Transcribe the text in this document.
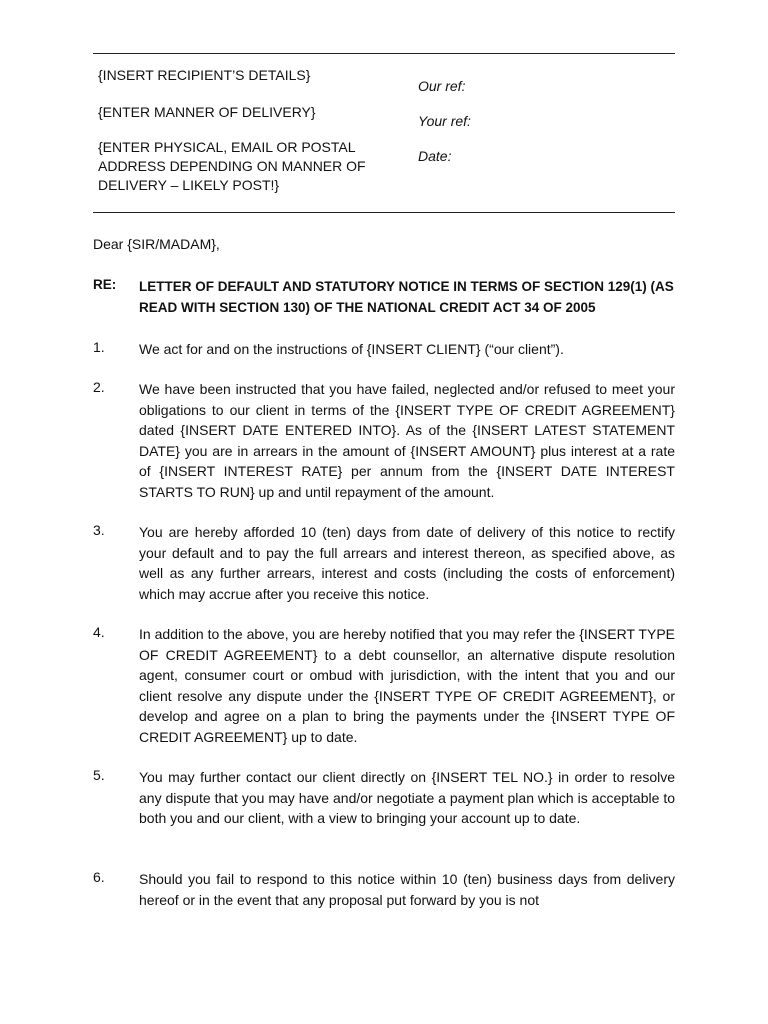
{INSERT RECIPIENT’S DETAILS}

{ENTER MANNER OF DELIVERY}

{ENTER PHYSICAL, EMAIL OR POSTAL ADDRESS DEPENDING ON MANNER OF DELIVERY – LIKELY POST!}

Our ref:
Your ref:
Date:
Dear {SIR/MADAM},
RE: LETTER OF DEFAULT AND STATUTORY NOTICE IN TERMS OF SECTION 129(1) (AS READ WITH SECTION 130) OF THE NATIONAL CREDIT ACT 34 OF 2005
1. We act for and on the instructions of {INSERT CLIENT} (“our client”).
2. We have been instructed that you have failed, neglected and/or refused to meet your obligations to our client in terms of the {INSERT TYPE OF CREDIT AGREEMENT} dated {INSERT DATE ENTERED INTO}. As of the {INSERT LATEST STATEMENT DATE} you are in arrears in the amount of {INSERT AMOUNT} plus interest at a rate of {INSERT INTEREST RATE} per annum from the {INSERT DATE INTEREST STARTS TO RUN} up and until repayment of the amount.
3. You are hereby afforded 10 (ten) days from date of delivery of this notice to rectify your default and to pay the full arrears and interest thereon, as specified above, as well as any further arrears, interest and costs (including the costs of enforcement) which may accrue after you receive this notice.
4. In addition to the above, you are hereby notified that you may refer the {INSERT TYPE OF CREDIT AGREEMENT} to a debt counsellor, an alternative dispute resolution agent, consumer court or ombud with jurisdiction, with the intent that you and our client resolve any dispute under the {INSERT TYPE OF CREDIT AGREEMENT}, or develop and agree on a plan to bring the payments under the {INSERT TYPE OF CREDIT AGREEMENT} up to date.
5. You may further contact our client directly on {INSERT TEL NO.} in order to resolve any dispute that you may have and/or negotiate a payment plan which is acceptable to both you and our client, with a view to bringing your account up to date.
6. Should you fail to respond to this notice within 10 (ten) business days from delivery hereof or in the event that any proposal put forward by you is not
